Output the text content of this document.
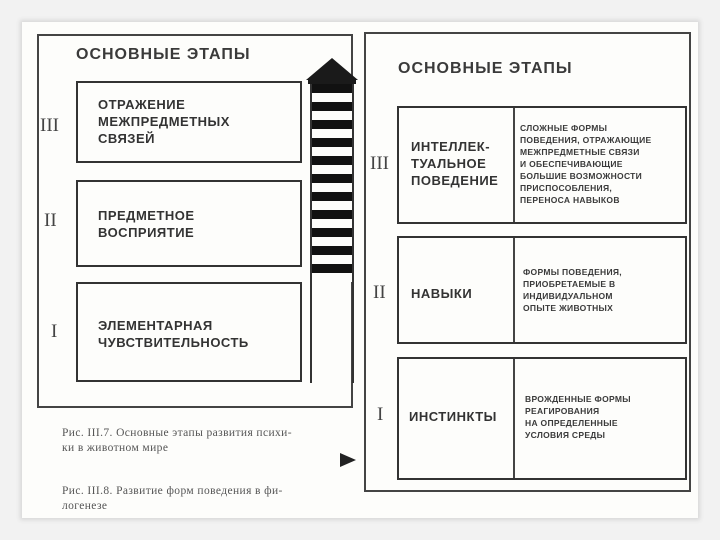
ОСНОВНЫЕ ЭТАПЫ
III
ОТРАЖЕНИЕ
МЕЖПРЕДМЕТНЫХ
СВЯЗЕЙ
II	ПРЕДМЕТНОЕ
ВОСПРИЯТИЕ
I	ЭЛЕМЕНТАРНАЯ
ЧУВСТВИТЕЛЬНОСТЬ
Рис. III.7. Основные этапы развития психи-
ки в животном мире
ОСНОВНЫЕ ЭТАПЫ
III
ИНТЕЛЛЕК-
ТУАЛЬНОЕ
ПОВЕДЕНИЕ
СЛОЖНЫЕ ФОРМЫ
ПОВЕДЕНИЯ, ОТРАЖАЮЩИЕ
МЕЖПРЕДМЕТНЫЕ СВЯЗИ
И ОБЕСПЕЧИВАЮЩИЕ
БОЛЬШИЕ ВОЗМОЖНОСТИ
ПРИСПОСОБЛЕНИЯ,
ПЕРЕНОСА НАВЫКОВ
II НАВЫКИ
ФОРМЫ ПОВЕДЕНИЯ,
ПРИОБРЕТАЕМЫЕ В
ИНДИВИДУАЛЬНОМ
ОПЫТЕ ЖИВОТНЫХ
I ИНСТИНКТЫ
ВРОЖДЕННЫЕ ФОРМЫ
РЕАГИРОВАНИЯ
НА ОПРЕДЕЛЕННЫЕ
УСЛОВИЯ СРЕДЫ
Рис. III.8. Развитие форм поведения в фи-
логенезе
